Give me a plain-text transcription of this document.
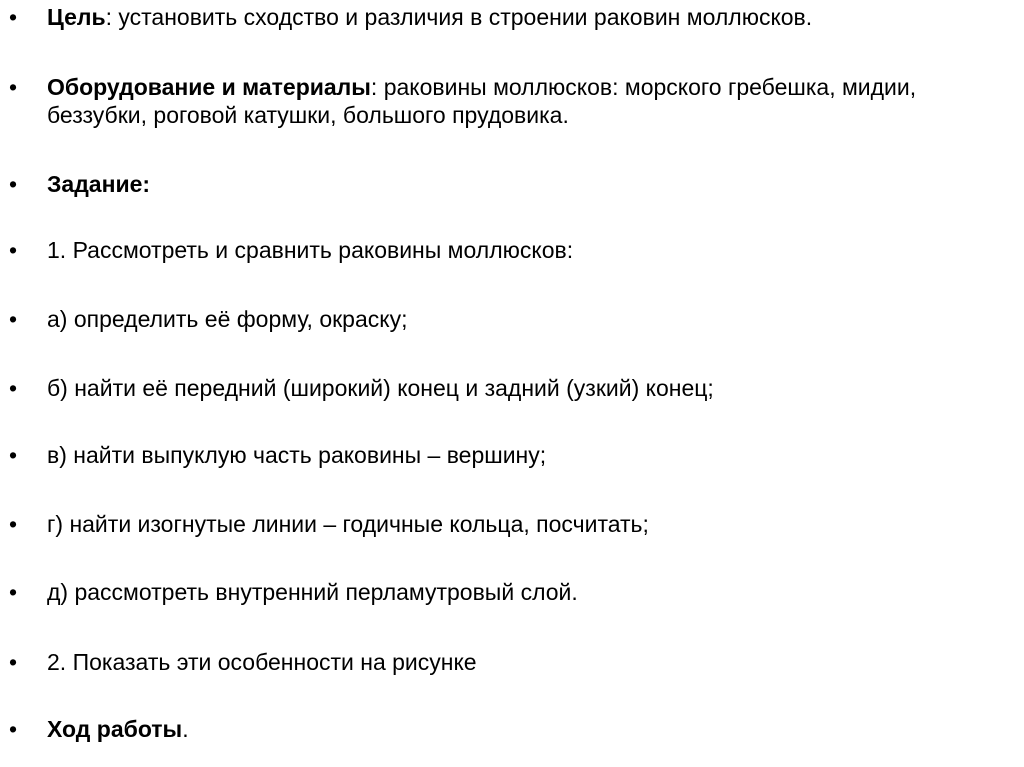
• Цель: установить сходство и различия в строении раковин моллюсков.
• Оборудование и материалы: раковины моллюсков: морского гребешка, мидии, беззубки, роговой катушки, большого прудовика.
• Задание:
• 1. Рассмотреть и сравнить раковины моллюсков:
• а) определить её форму, окраску;
• б) найти её передний (широкий) конец и задний (узкий) конец;
• в) найти выпуклую часть раковины – вершину;
• г) найти изогнутые линии – годичные кольца, посчитать;
• д) рассмотреть внутренний перламутровый слой.
• 2. Показать эти особенности на рисунке
• Ход работы.
